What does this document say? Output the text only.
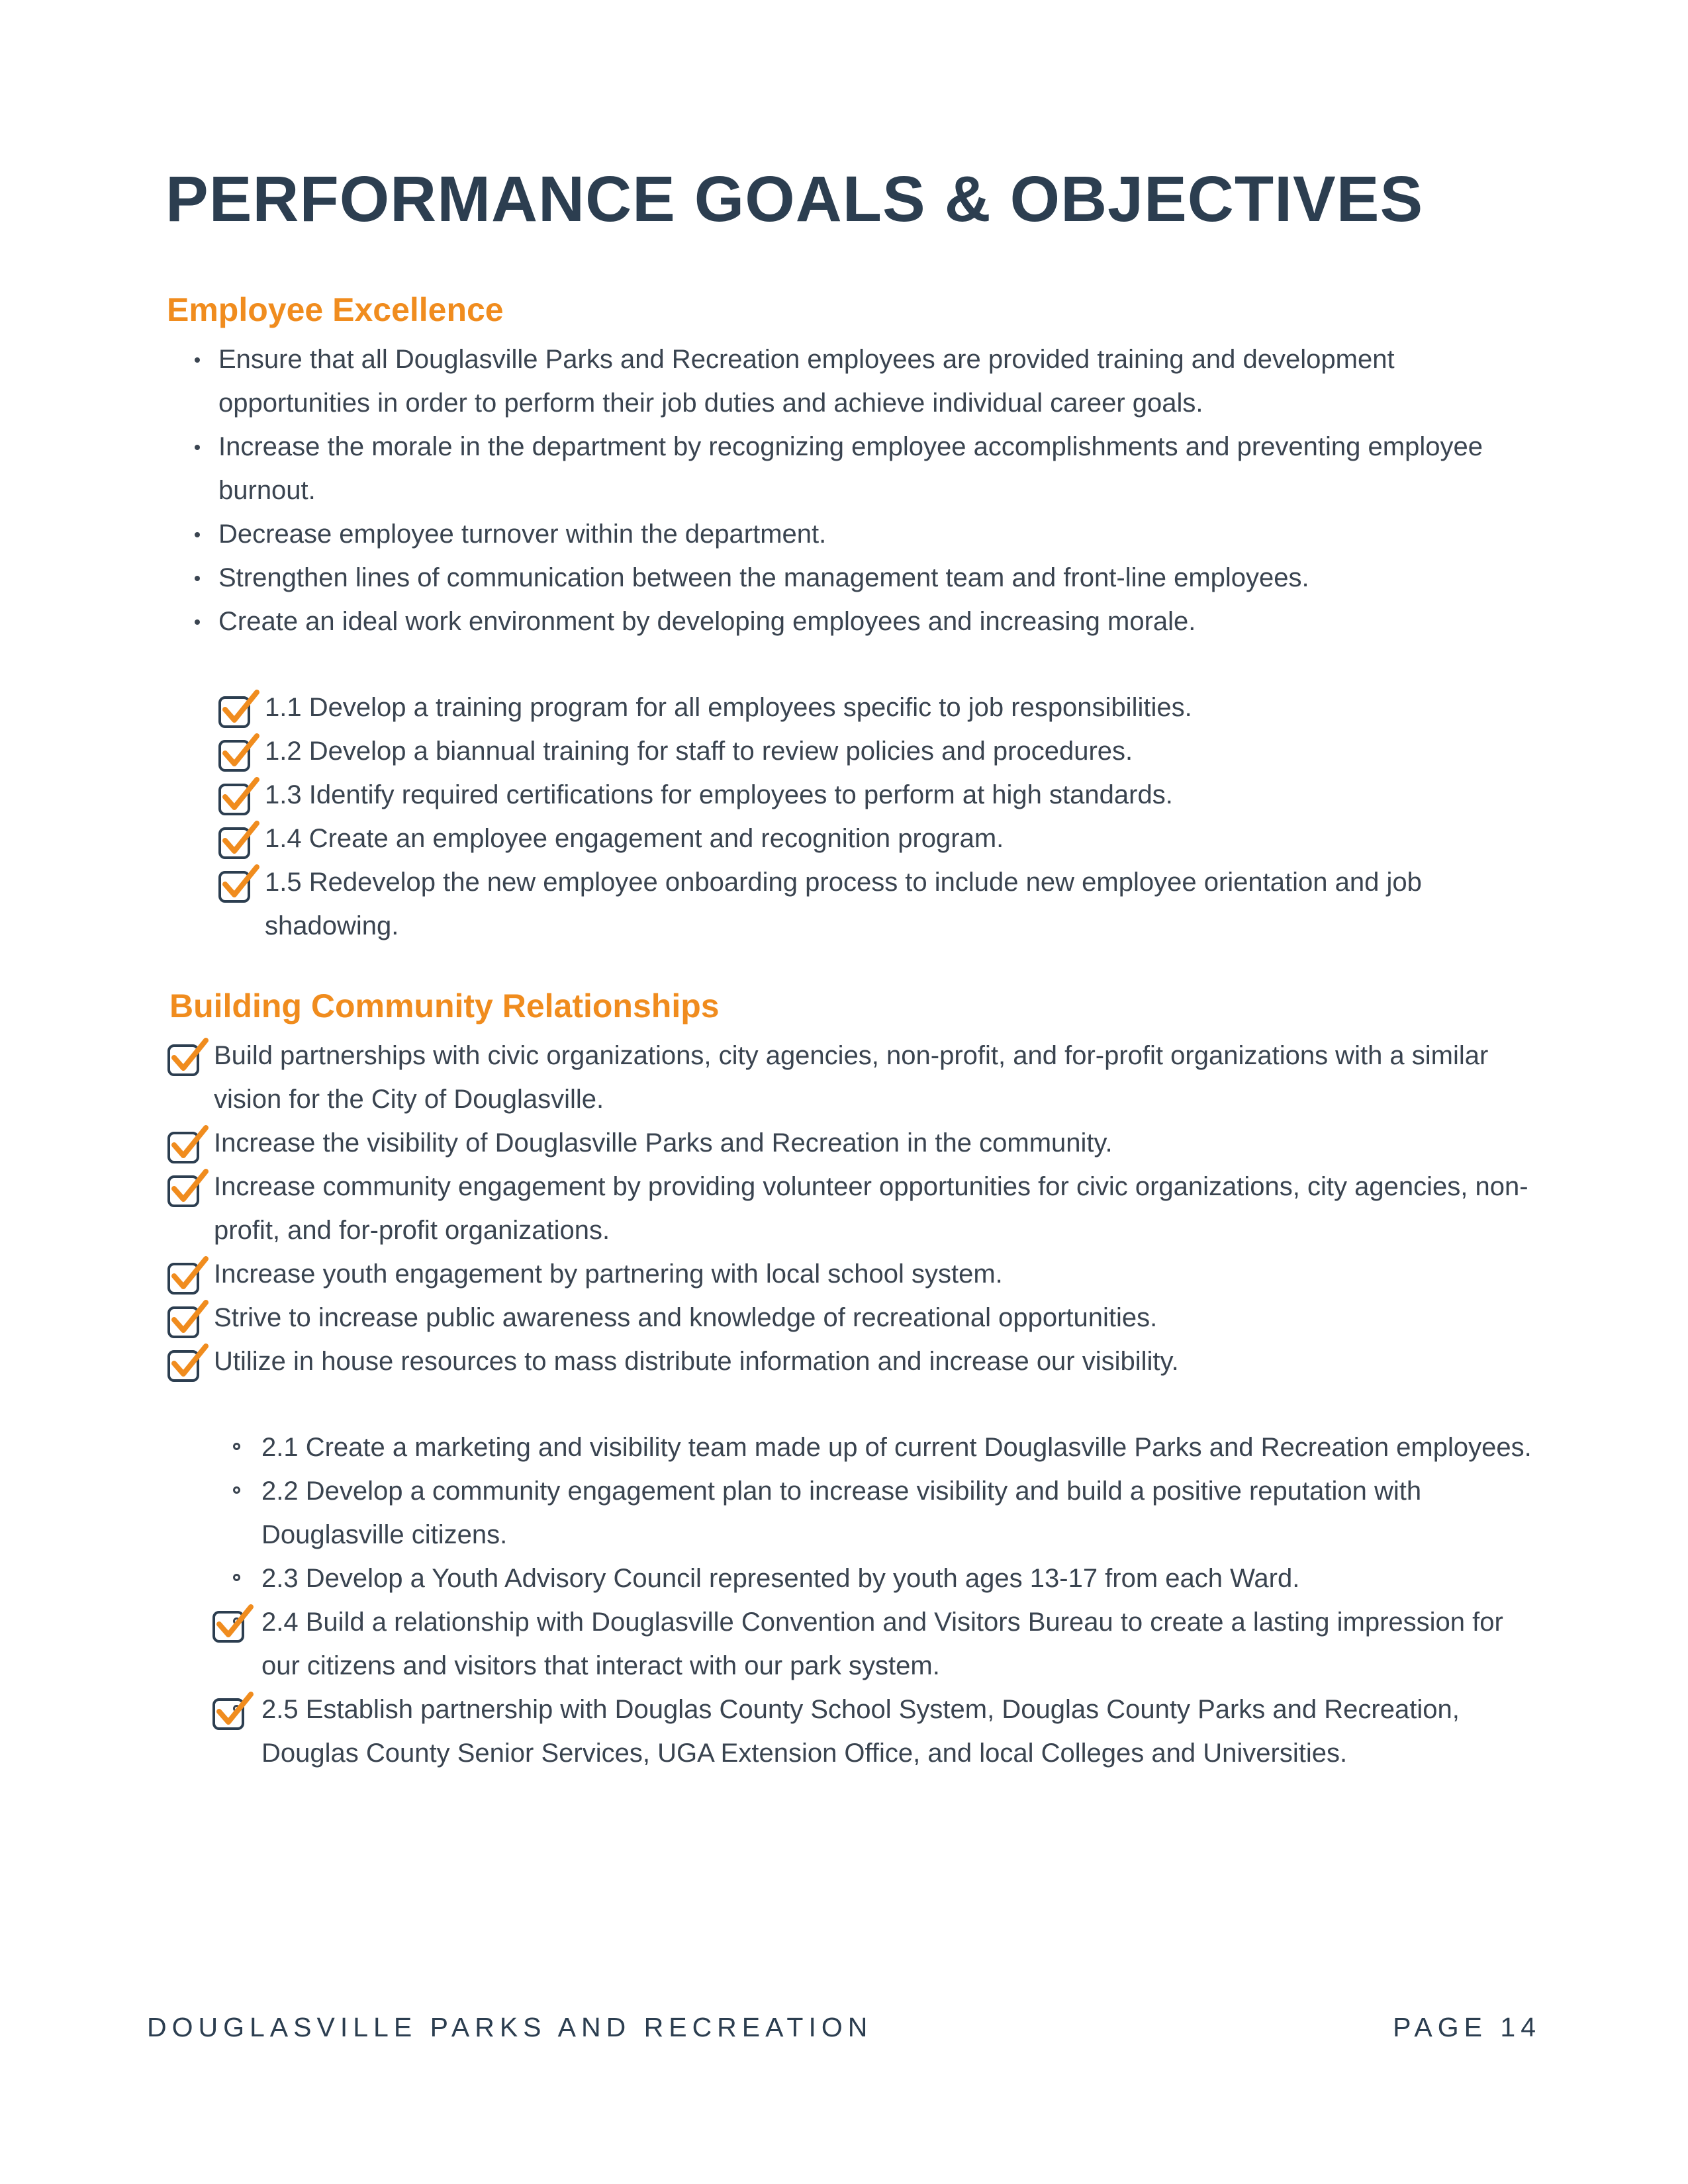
PERFORMANCE GOALS & OBJECTIVES
Employee Excellence
Ensure that all Douglasville Parks and Recreation employees are provided training and development opportunities in order to perform their job duties and achieve individual career goals.
Increase the morale in the department by recognizing employee accomplishments and preventing employee burnout.
Decrease employee turnover within the department.
Strengthen lines of communication between the management team and front-line employees.
Create an ideal work environment by developing employees and increasing morale.
1.1 Develop a training program for all employees specific to job responsibilities.
1.2 Develop a biannual training for staff to review policies and procedures.
1.3 Identify required certifications for employees to perform at high standards.
1.4 Create an employee engagement and recognition program.
1.5 Redevelop the new employee onboarding process to include new employee orientation and job shadowing.
Building Community Relationships
Build partnerships with civic organizations, city agencies, non-profit, and for-profit organizations with a similar vision for the City of Douglasville.
Increase the visibility of Douglasville Parks and Recreation in the community.
Increase community engagement by providing volunteer opportunities for civic organizations, city agencies, non-profit, and for-profit organizations.
Increase youth engagement by partnering with local school system.
Strive to increase public awareness and knowledge of recreational opportunities.
Utilize in house resources to mass distribute information and increase our visibility.
2.1 Create a marketing and visibility team made up of current Douglasville Parks and Recreation employees.
2.2 Develop a community engagement plan to increase visibility and build a positive reputation with Douglasville citizens.
2.3 Develop a Youth Advisory Council represented by youth ages 13-17 from each Ward.
2.4 Build a relationship with Douglasville Convention and Visitors Bureau to create a lasting impression for our citizens and visitors that interact with our park system.
2.5 Establish partnership with Douglas County School System, Douglas County Parks and Recreation, Douglas County Senior Services, UGA Extension Office, and local Colleges and Universities.
DOUGLASVILLE PARKS AND RECREATION	PAGE 14
